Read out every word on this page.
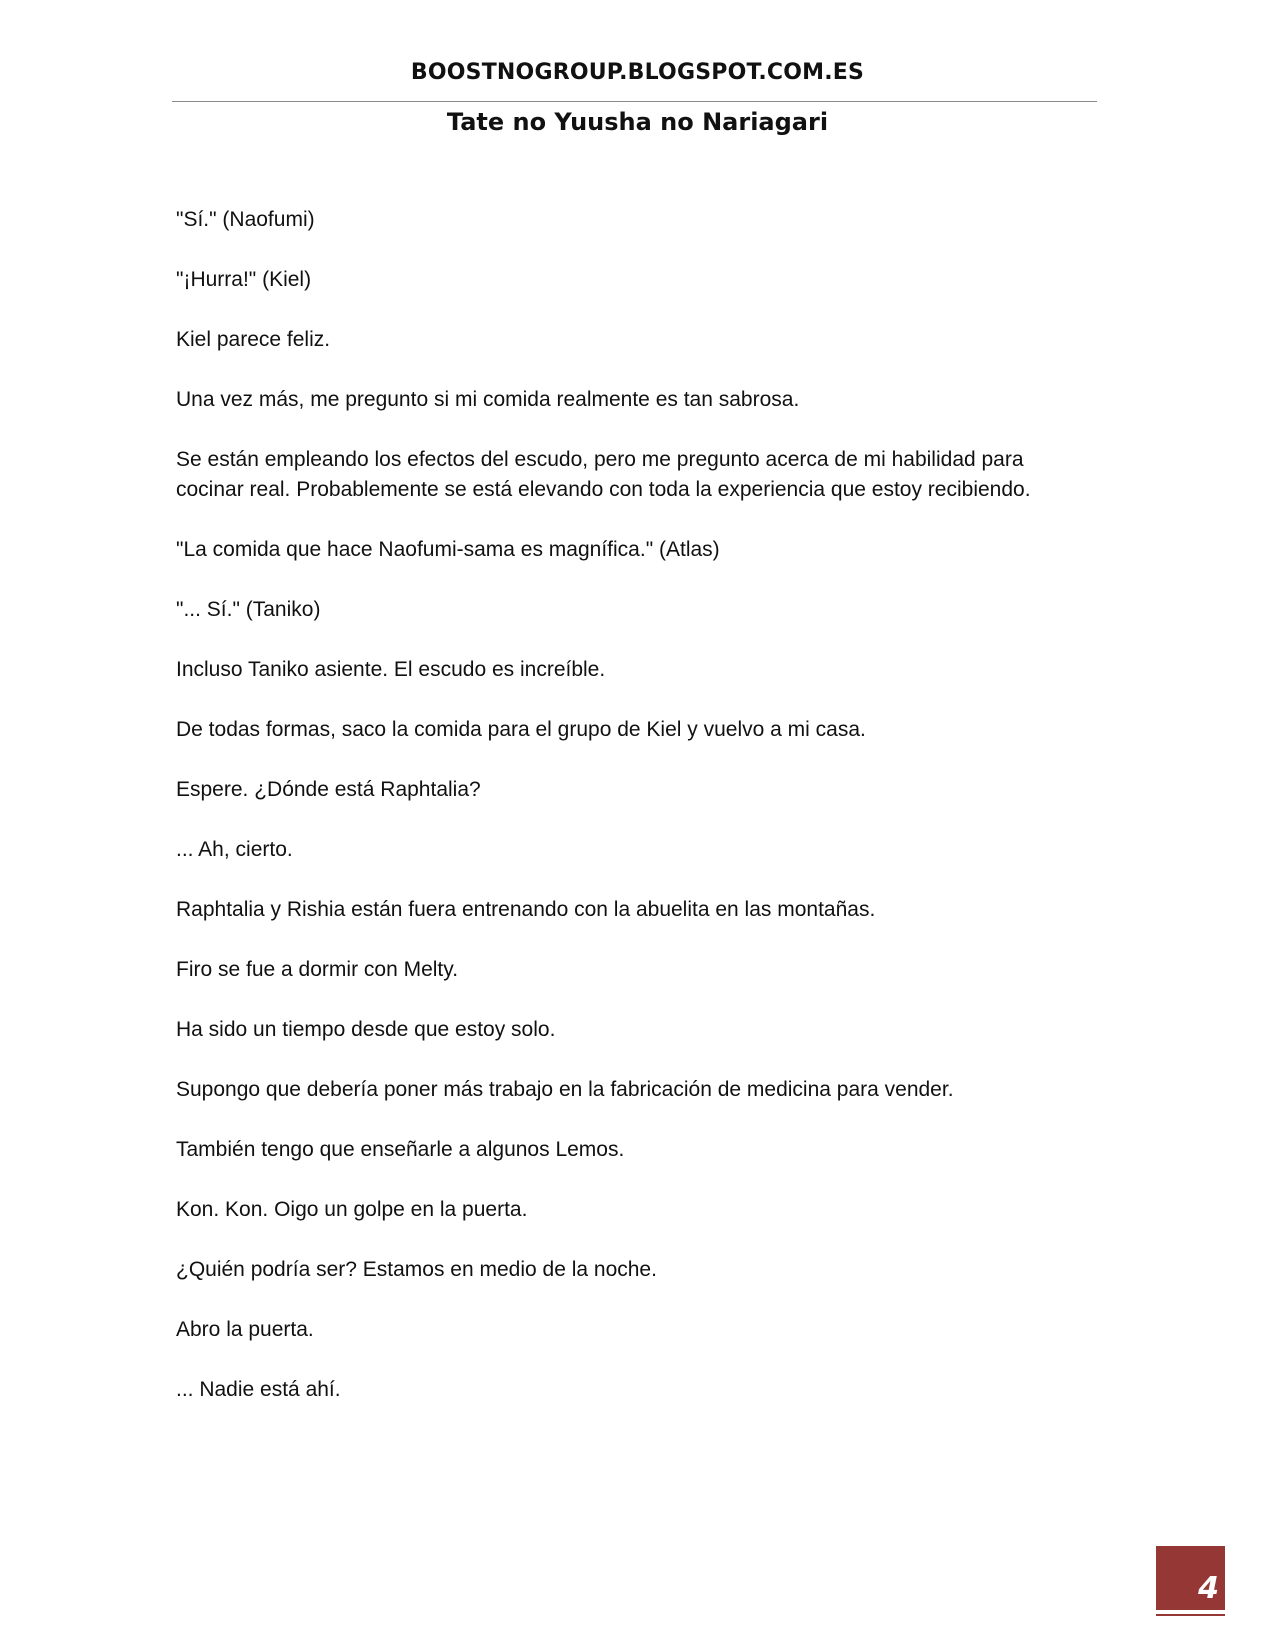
BOOSTNOGROUP.BLOGSPOT.COM.ES
Tate no Yuusha no Nariagari

"Sí." (Naofumi)

"¡Hurra!" (Kiel)

Kiel parece feliz.

Una vez más, me pregunto si mi comida realmente es tan sabrosa.

Se están empleando los efectos del escudo, pero me pregunto acerca de mi habilidad para cocinar real. Probablemente se está elevando con toda la experiencia que estoy recibiendo.

"La comida que hace Naofumi-sama es magnífica." (Atlas)

"... Sí." (Taniko)

Incluso Taniko asiente. El escudo es increíble.

De todas formas, saco la comida para el grupo de Kiel y vuelvo a mi casa.

Espere. ¿Dónde está Raphtalia?

... Ah, cierto.

Raphtalia y Rishia están fuera entrenando con la abuelita en las montañas.

Firo se fue a dormir con Melty.

Ha sido un tiempo desde que estoy solo.

Supongo que debería poner más trabajo en la fabricación de medicina para vender.

También tengo que enseñarle a algunos Lemos.

Kon. Kon. Oigo un golpe en la puerta.

¿Quién podría ser? Estamos en medio de la noche.

Abro la puerta.

... Nadie está ahí.

4
